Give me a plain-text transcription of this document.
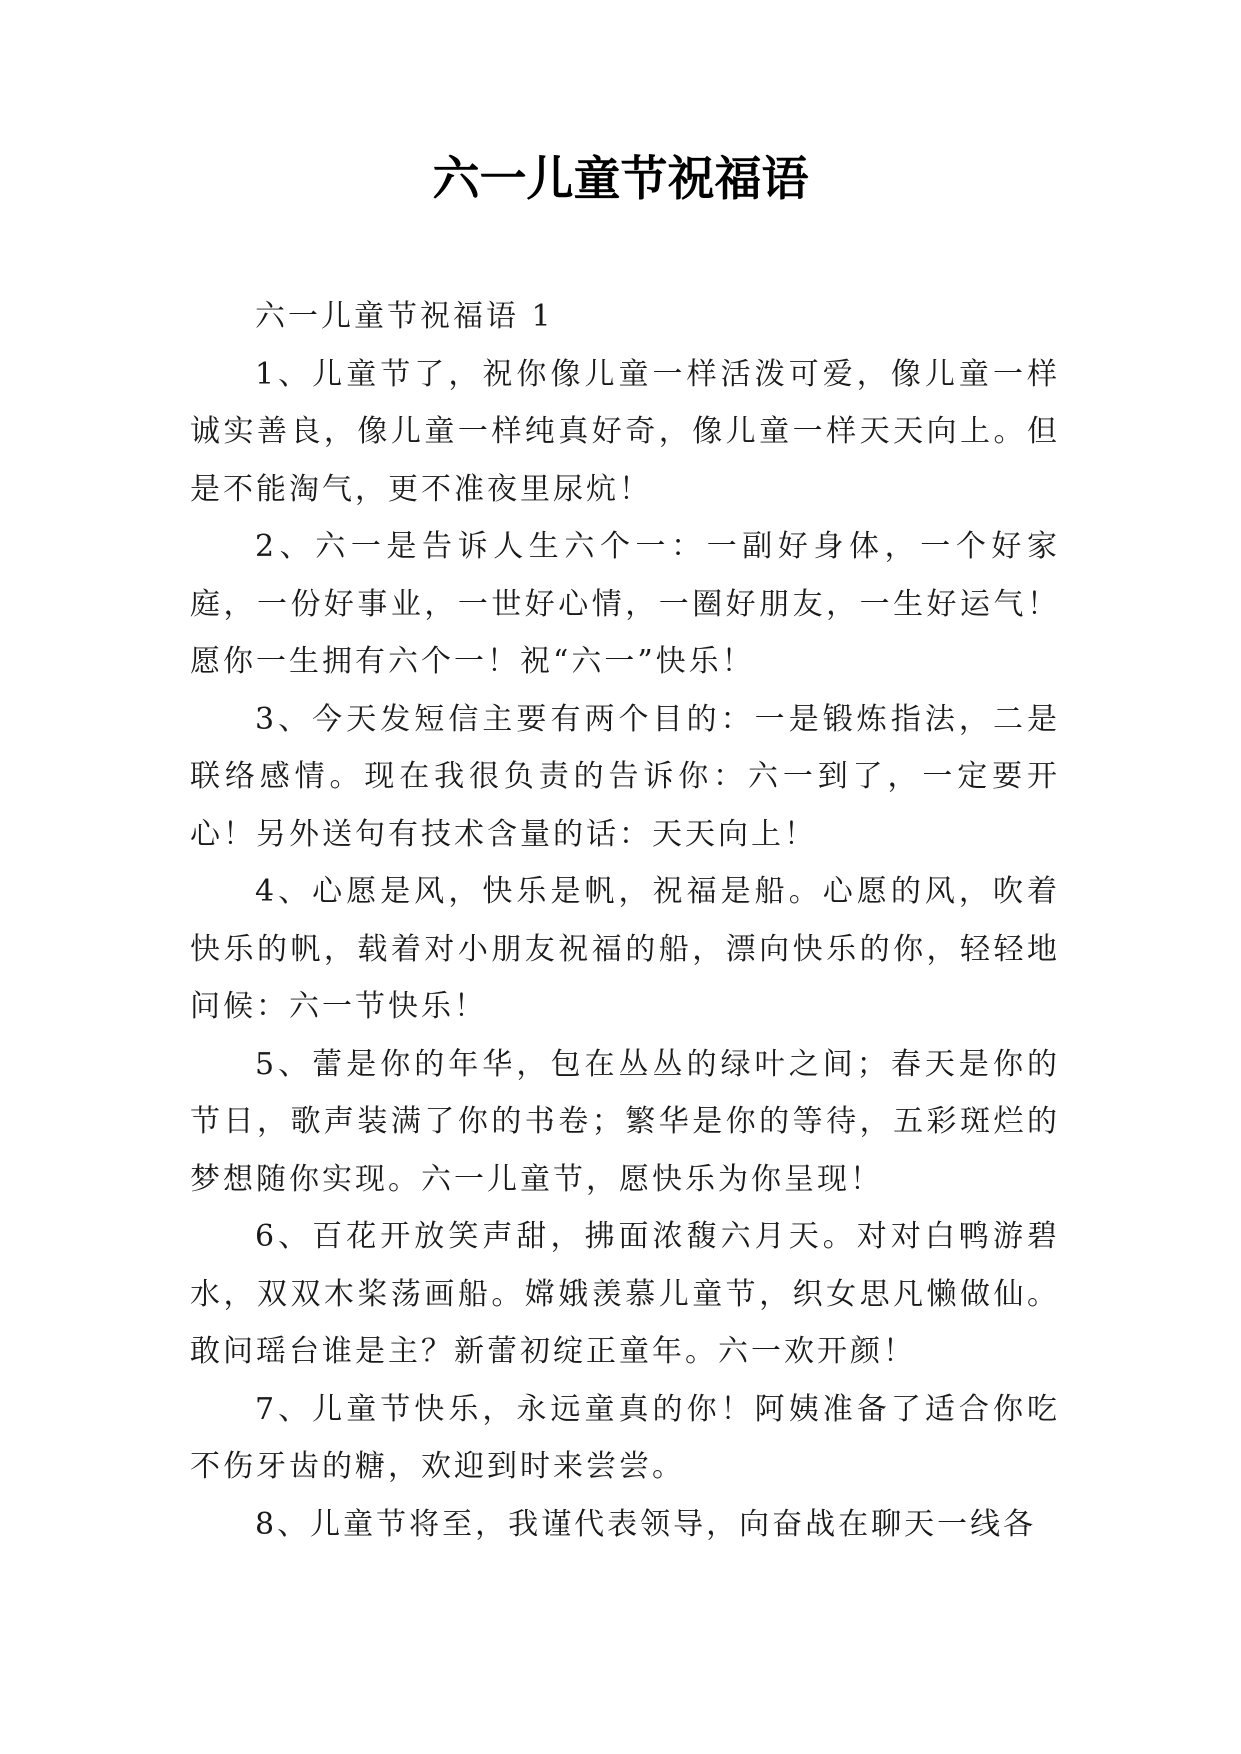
六一儿童节祝福语

六一儿童节祝福语 1

1、儿童节了，祝你像儿童一样活泼可爱，像儿童一样诚实善良，像儿童一样纯真好奇，像儿童一样天天向上。但是不能淘气，更不准夜里尿炕！

2、六一是告诉人生六个一：一副好身体，一个好家庭，一份好事业，一世好心情，一圈好朋友，一生好运气！愿你一生拥有六个一！祝“六一”快乐！

3、今天发短信主要有两个目的：一是锻炼指法，二是联络感情。现在我很负责的告诉你：六一到了，一定要开心！另外送句有技术含量的话：天天向上！

4、心愿是风，快乐是帆，祝福是船。心愿的风，吹着快乐的帆，载着对小朋友祝福的船，漂向快乐的你，轻轻地问候：六一节快乐！

5、蕾是你的年华，包在丛丛的绿叶之间；春天是你的节日，歌声装满了你的书卷；繁华是你的等待，五彩斑烂的梦想随你实现。六一儿童节，愿快乐为你呈现！

6、百花开放笑声甜，拂面浓馥六月天。对对白鸭游碧水，双双木桨荡画船。嫦娥羡慕儿童节，织女思凡懒做仙。敢问瑶台谁是主？新蕾初绽正童年。六一欢开颜！

7、儿童节快乐，永远童真的你！阿姨准备了适合你吃不伤牙齿的糖，欢迎到时来尝尝。

8、儿童节将至，我谨代表领导，向奋战在聊天一线各
